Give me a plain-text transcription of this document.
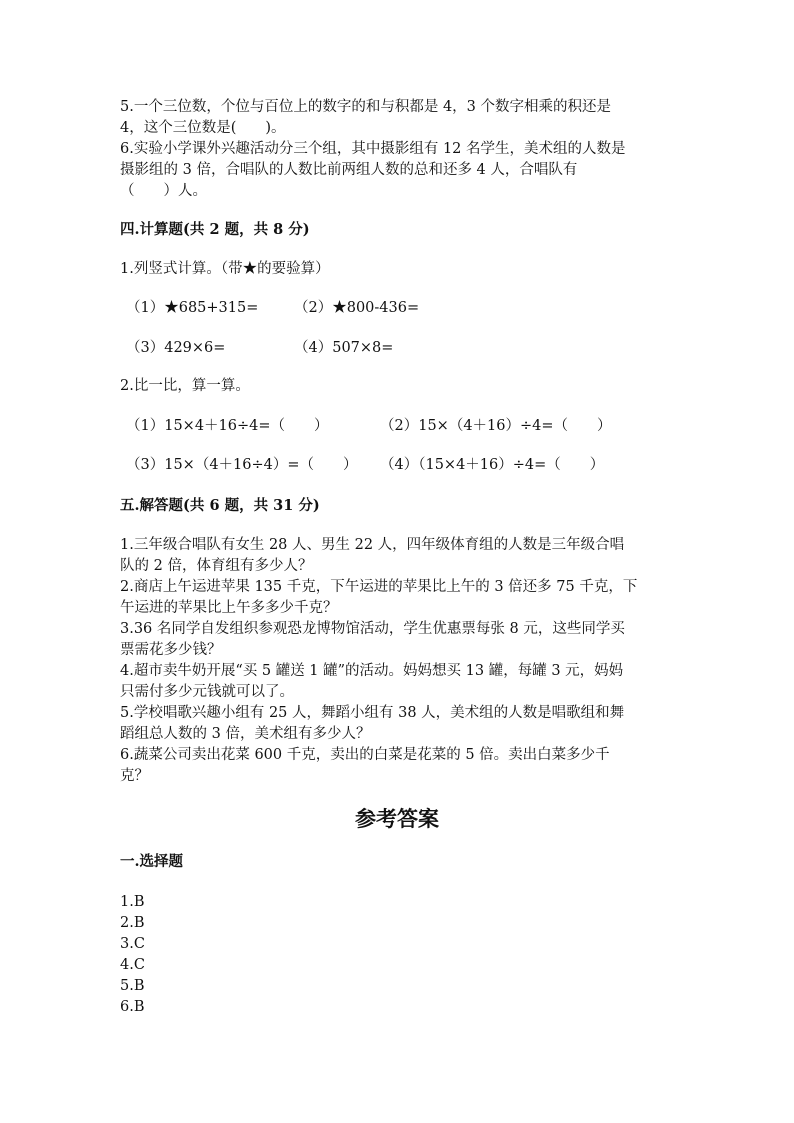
5.一个三位数，个位与百位上的数字的和与积都是 4，3 个数字相乘的积还是
4，这个三位数是(　　)。
6.实验小学课外兴趣活动分三个组，其中摄影组有 12 名学生，美术组的人数是
摄影组的 3 倍，合唱队的人数比前两组人数的总和还多 4 人，合唱队有
（　　）人。
四.计算题(共 2 题，共 8 分)
1.列竖式计算。（带★的要验算）
（1）★685+315= （2）★800-436=
（3）429×6=	（4）507×8=
2.比一比，算一算。
（1）15×4＋16÷4=（　　）	（2）15×（4＋16）÷4=（　　）
（3）15×（4＋16÷4）=（　　） （4）（15×4＋16）÷4=（　　）
五.解答题(共 6 题，共 31 分)
1.三年级合唱队有女生 28 人、男生 22 人，四年级体育组的人数是三年级合唱
队的 2 倍，体育组有多少人？
2.商店上午运进苹果 135 千克，下午运进的苹果比上午的 3 倍还多 75 千克，下
午运进的苹果比上午多多少千克？
3.36 名同学自发组织参观恐龙博物馆活动，学生优惠票每张 8 元，这些同学买
票需花多少钱？
4.超市卖牛奶开展“买 5 罐送 1 罐”的活动。妈妈想买 13 罐，每罐 3 元，妈妈
只需付多少元钱就可以了。
5.学校唱歌兴趣小组有 25 人，舞蹈小组有 38 人，美术组的人数是唱歌组和舞
蹈组总人数的 3 倍，美术组有多少人？
6.蔬菜公司卖出花菜 600 千克，卖出的白菜是花菜的 5 倍。卖出白菜多少千
克？
参考答案
一.选择题
1.B
2.B
3.C
4.C
5.B
6.B
